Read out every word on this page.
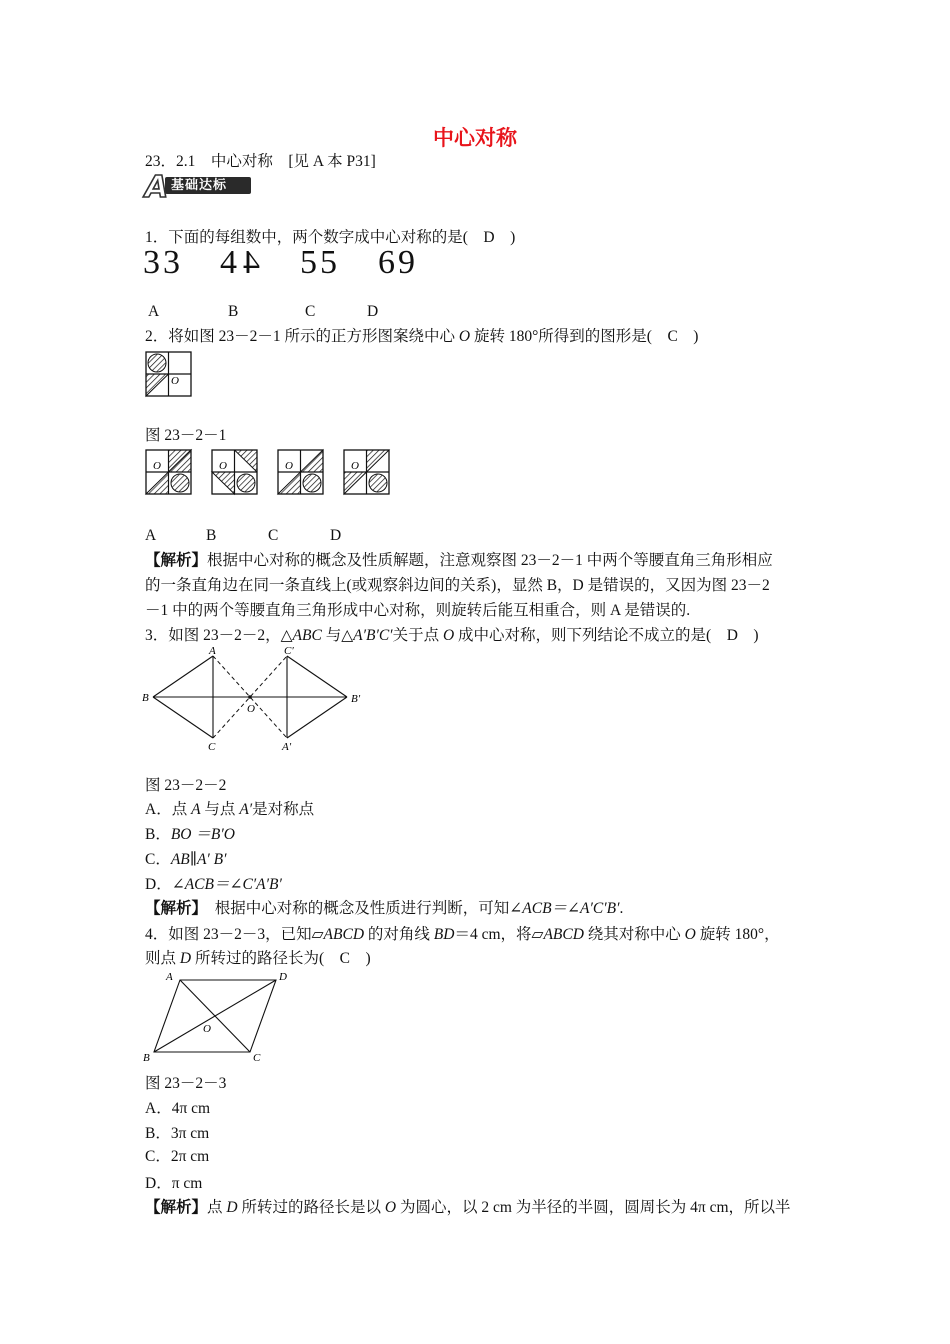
中心对称
23．2.1　中心对称　[见 A 本 P31]
A 基础达标
1．下面的每组数中，两个数字成中心对称的是(　D　)
33 44 55 69
A	B	C	D
2．将如图 23－2－1 所示的正方形图案绕中心 O 旋转 180°所得到的图形是(　C　)
O
图 23－2－1
O	O	O	O
A	B	C	D
【解析】根据中心对称的概念及性质解题，注意观察图 23－2－1 中两个等腰直角三角形相应
的一条直角边在同一条直线上(或观察斜边间的关系)，显然 B，D 是错误的，又因为图 23－2
－1 中的两个等腰直角三角形成中心对称，则旋转后能互相重合，则 A 是错误的.
3．如图 23－2－2，△ABC 与△A′B′C′关于点 O 成中心对称，则下列结论不成立的是(　D　)
A
B
C
O
C′
B′
A′
图 23－2－2
A．点 A 与点 A′是对称点
B．BO ＝B′O
C．AB∥A′ B′
D．∠ACB＝∠C′A′B′
【解析】　根据中心对称的概念及性质进行判断，可知∠ACB＝∠A′C′B′.
4．如图 23－2－3，已知▱ABCD 的对角线 BD＝4 cm，将▱ABCD 绕其对称中心 O 旋转 180°，
则点 D 所转过的路径长为(　C　)
A	D
B	C
O
图 23－2－3
A．4π cm
B．3π cm
C．2π cm
D．π cm
【解析】点 D 所转过的路径长是以 O 为圆心，以 2 cm 为半径的半圆，圆周长为 4π cm，所以半
